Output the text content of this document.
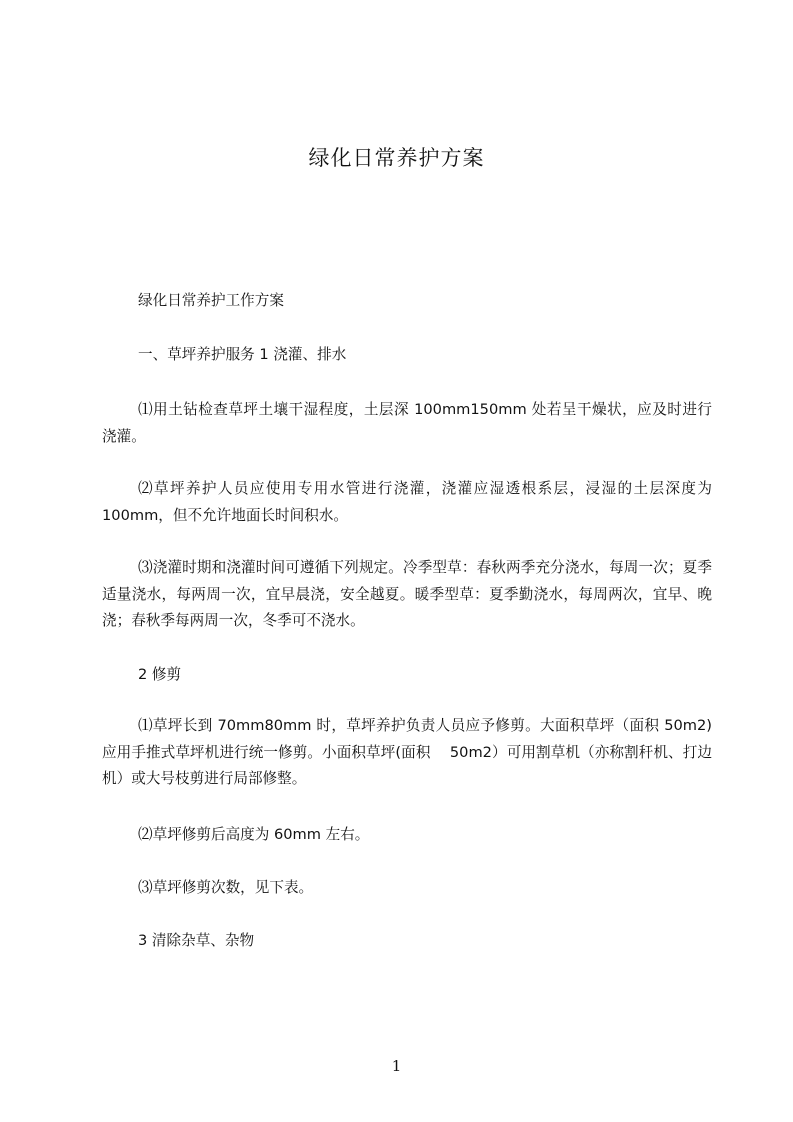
绿化日常养护方案
绿化日常养护工作方案
一、草坪养护服务 1 浇灌、排水
⑴用土钻检查草坪土壤干湿程度，土层深 100mm150mm 处若呈干燥状，应及时进行浇灌。
⑵草坪养护人员应使用专用水管进行浇灌，浇灌应湿透根系层，浸湿的土层深度为 100mm，但不允许地面长时间积水。
⑶浇灌时期和浇灌时间可遵循下列规定。冷季型草：春秋两季充分浇水，每周一次；夏季适量浇水，每两周一次，宜早晨浇，安全越夏。暖季型草：夏季勤浇水，每周两次，宜早、晚浇；春秋季每两周一次，冬季可不浇水。
2 修剪
⑴草坪长到 70mm80mm 时，草坪养护负责人员应予修剪。大面积草坪（面积 50m2)应用手推式草坪机进行统一修剪。小面积草坪(面积　 50m2）可用割草机（亦称割秆机、打边机）或大号枝剪进行局部修整。
⑵草坪修剪后高度为 60mm 左右。
⑶草坪修剪次数，见下表。
3 清除杂草、杂物
1
